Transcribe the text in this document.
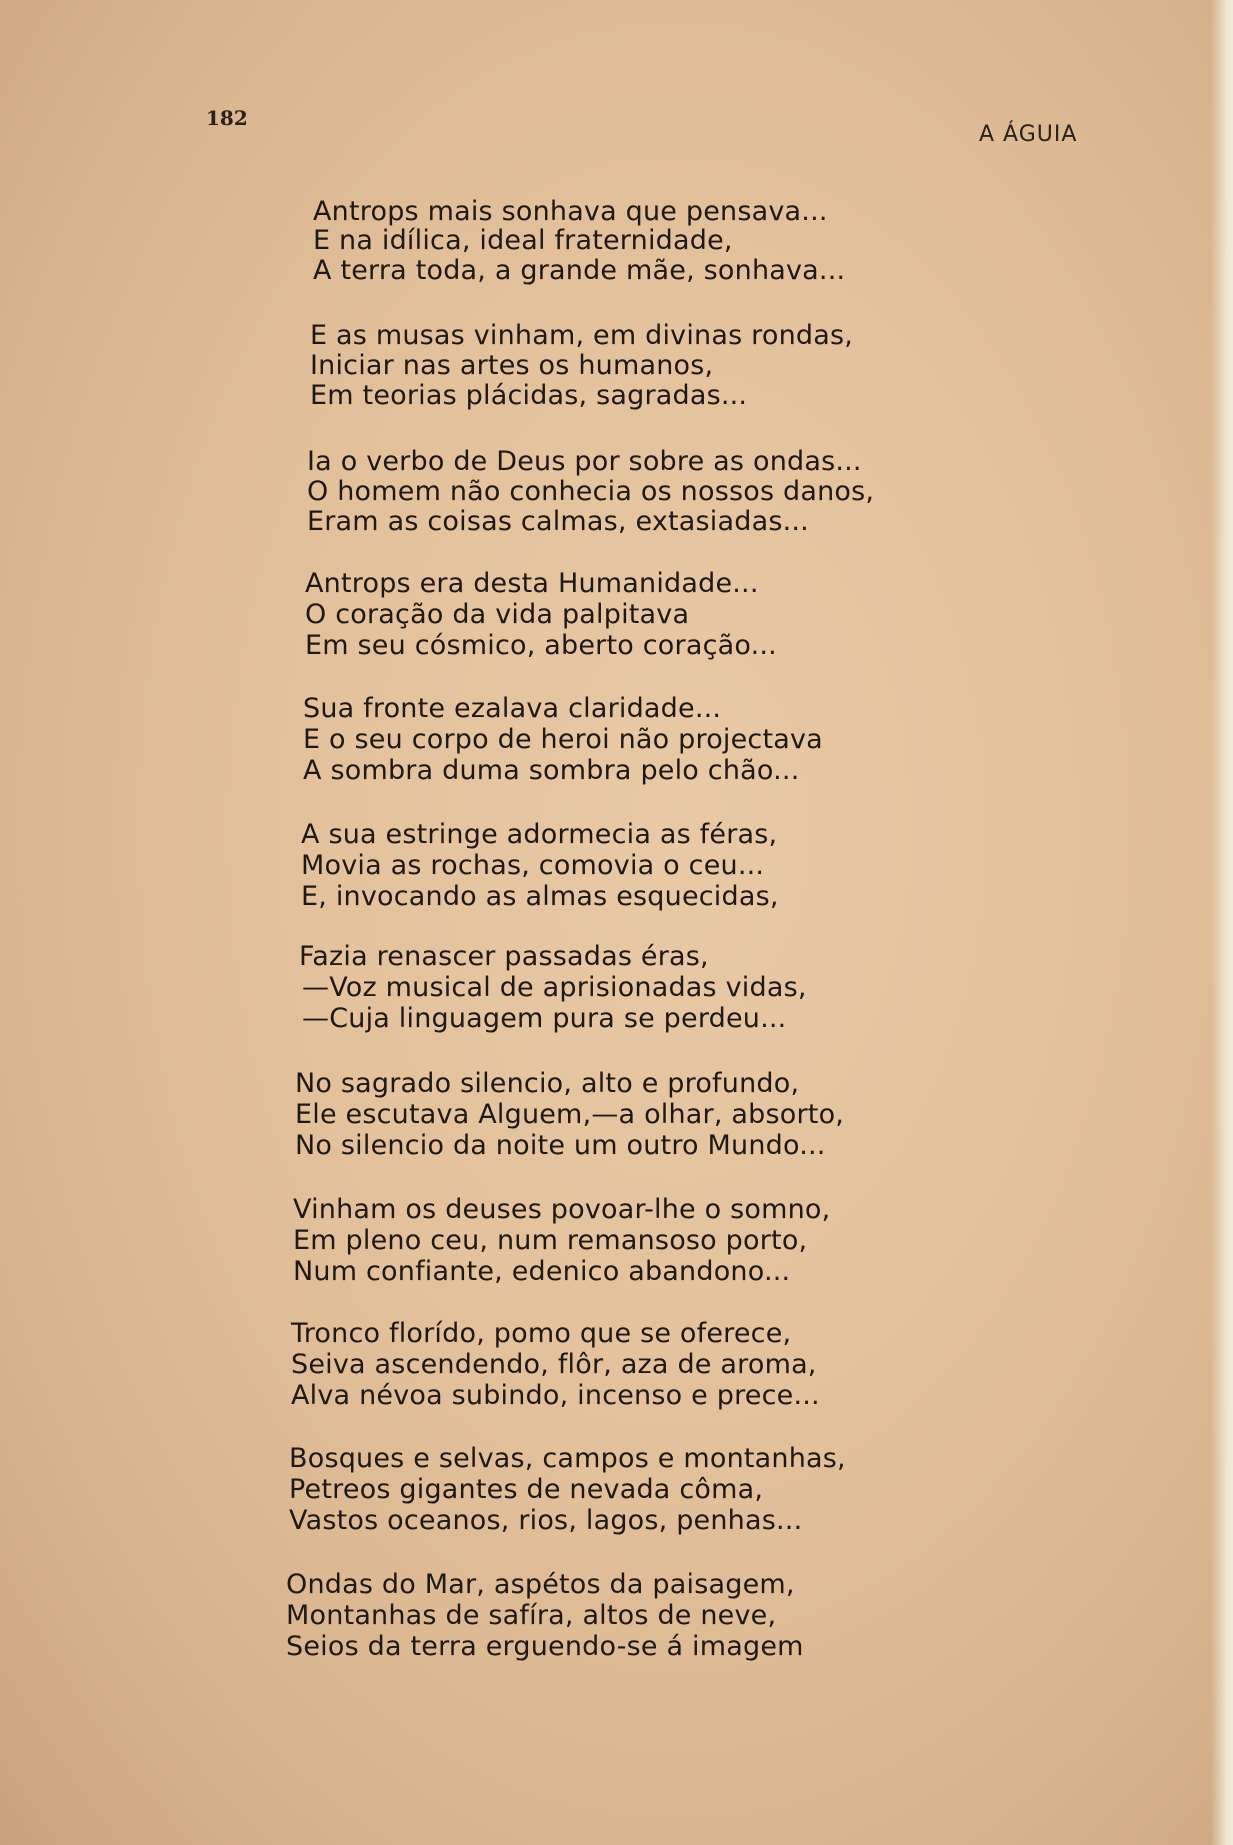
182
A ÁGUIA
Antrops mais sonhava que pensava...
E na idílica, ideal fraternidade,
A terra toda, a grande mãe, sonhava...
E as musas vinham, em divinas rondas,
Iniciar nas artes os humanos,
Em teorias plácidas, sagradas...
Ia o verbo de Deus por sobre as ondas...
O homem não conhecia os nossos danos,
Eram as coisas calmas, extasiadas...
Antrops era desta Humanidade...
O coração da vida palpitava
Em seu cósmico, aberto coração...
Sua fronte ezalava claridade...
E o seu corpo de heroi não projectava
A sombra duma sombra pelo chão...
A sua estringe adormecia as féras,
Movia as rochas, comovia o ceu...
E, invocando as almas esquecidas,
Fazia renascer passadas éras,
—Voz musical de aprisionadas vidas,
—Cuja linguagem pura se perdeu...
No sagrado silencio, alto e profundo,
Ele escutava Alguem,—a olhar, absorto,
No silencio da noite um outro Mundo...
Vinham os deuses povoar-lhe o somno,
Em pleno ceu, num remansoso porto,
Num confiante, edenico abandono...
Tronco florído, pomo que se oferece,
Seiva ascendendo, flôr, aza de aroma,
Alva névoa subindo, incenso e prece...
Bosques e selvas, campos e montanhas,
Petreos gigantes de nevada côma,
Vastos oceanos, rios, lagos, penhas...
Ondas do Mar, aspétos da paisagem,
Montanhas de safíra, altos de neve,
Seios da terra erguendo-se á imagem
